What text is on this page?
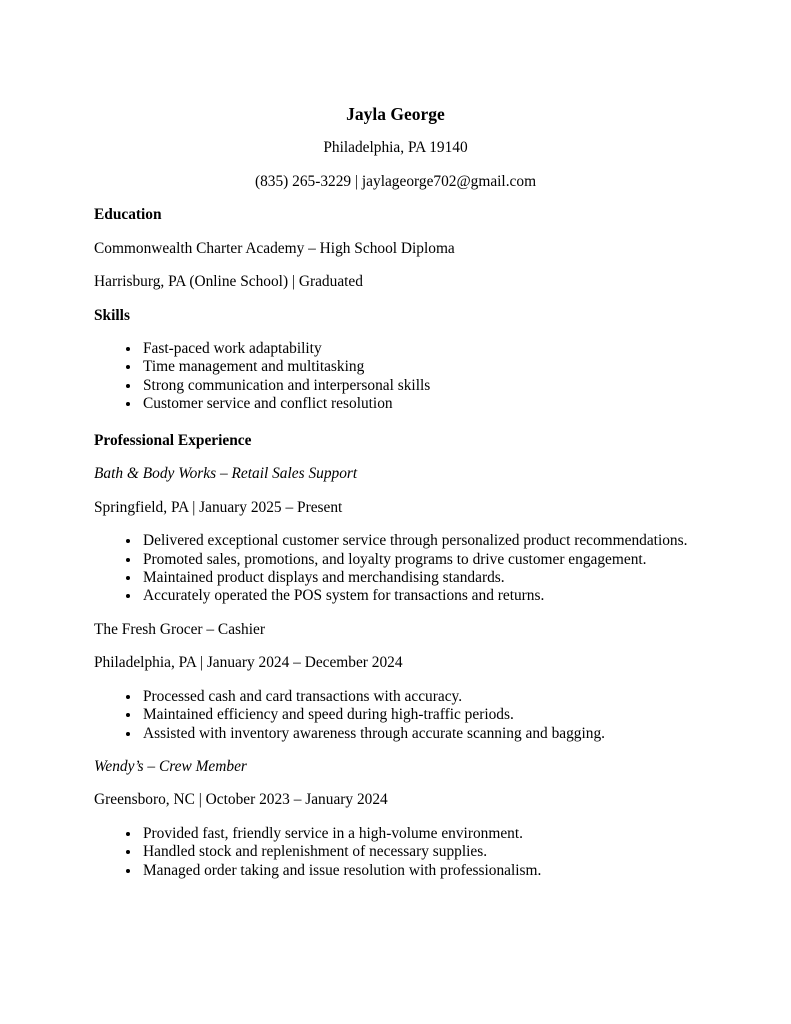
Jayla George
Philadelphia, PA 19140
(835) 265-3229 | jaylageorge702@gmail.com
Education
Commonwealth Charter Academy – High School Diploma
Harrisburg, PA (Online School) | Graduated
Skills
• Fast-paced work adaptability
• Time management and multitasking
• Strong communication and interpersonal skills
• Customer service and conflict resolution
Professional Experience
Bath & Body Works – Retail Sales Support
Springfield, PA | January 2025 – Present
• Delivered exceptional customer service through personalized product recommendations.
• Promoted sales, promotions, and loyalty programs to drive customer engagement.
• Maintained product displays and merchandising standards.
• Accurately operated the POS system for transactions and returns.
The Fresh Grocer – Cashier
Philadelphia, PA | January 2024 – December 2024
• Processed cash and card transactions with accuracy.
• Maintained efficiency and speed during high-traffic periods.
• Assisted with inventory awareness through accurate scanning and bagging.
Wendy’s – Crew Member
Greensboro, NC | October 2023 – January 2024
• Provided fast, friendly service in a high-volume environment.
• Handled stock and replenishment of necessary supplies.
• Managed order taking and issue resolution with professionalism.
